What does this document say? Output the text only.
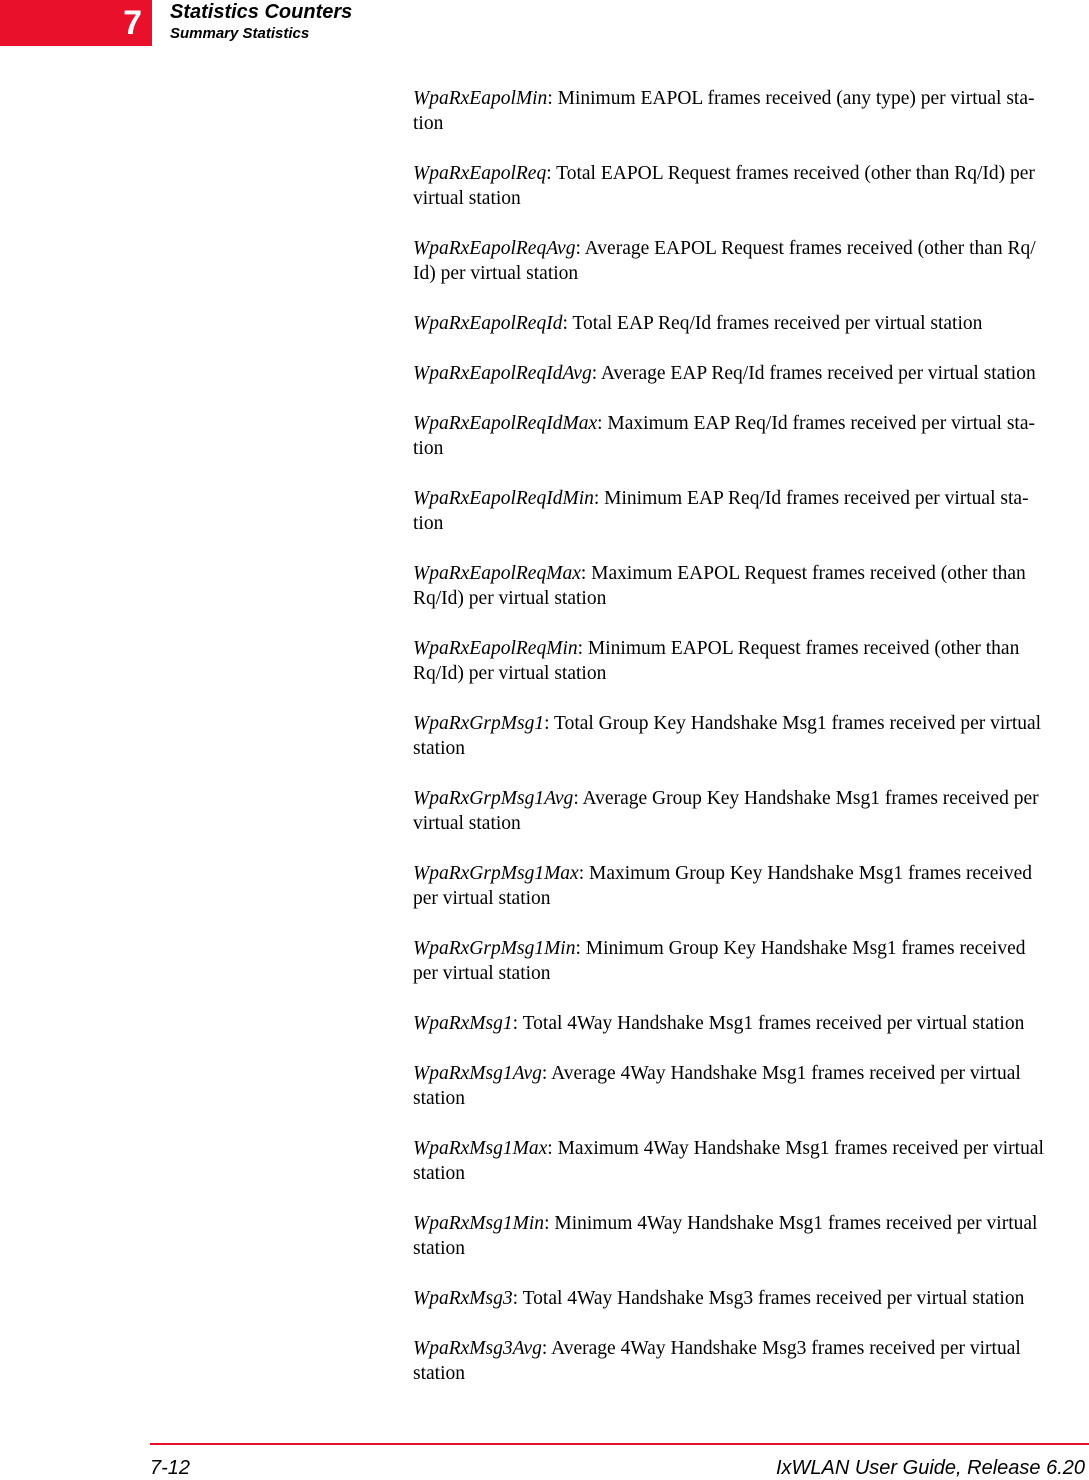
7	Statistics Counters
Summary Statistics
WpaRxEapolMin: Minimum EAPOL frames received (any type) per virtual sta-
tion
WpaRxEapolReq: Total EAPOL Request frames received (other than Rq/Id) per
virtual station
WpaRxEapolReqAvg: Average EAPOL Request frames received (other than Rq/
Id) per virtual station
WpaRxEapolReqId: Total EAP Req/Id frames received per virtual station
WpaRxEapolReqIdAvg: Average EAP Req/Id frames received per virtual station
WpaRxEapolReqIdMax: Maximum EAP Req/Id frames received per virtual sta-
tion
WpaRxEapolReqIdMin: Minimum EAP Req/Id frames received per virtual sta-
tion
WpaRxEapolReqMax: Maximum EAPOL Request frames received (other than
Rq/Id) per virtual station
WpaRxEapolReqMin: Minimum EAPOL Request frames received (other than
Rq/Id) per virtual station
WpaRxGrpMsg1: Total Group Key Handshake Msg1 frames received per virtual
station
WpaRxGrpMsg1Avg: Average Group Key Handshake Msg1 frames received per
virtual station
WpaRxGrpMsg1Max: Maximum Group Key Handshake Msg1 frames received
per virtual station
WpaRxGrpMsg1Min: Minimum Group Key Handshake Msg1 frames received
per virtual station
WpaRxMsg1: Total 4Way Handshake Msg1 frames received per virtual station
WpaRxMsg1Avg: Average 4Way Handshake Msg1 frames received per virtual
station
WpaRxMsg1Max: Maximum 4Way Handshake Msg1 frames received per virtual
station
WpaRxMsg1Min: Minimum 4Way Handshake Msg1 frames received per virtual
station
WpaRxMsg3: Total 4Way Handshake Msg3 frames received per virtual station
WpaRxMsg3Avg: Average 4Way Handshake Msg3 frames received per virtual
station
7-12	IxWLAN User Guide, Release 6.20
